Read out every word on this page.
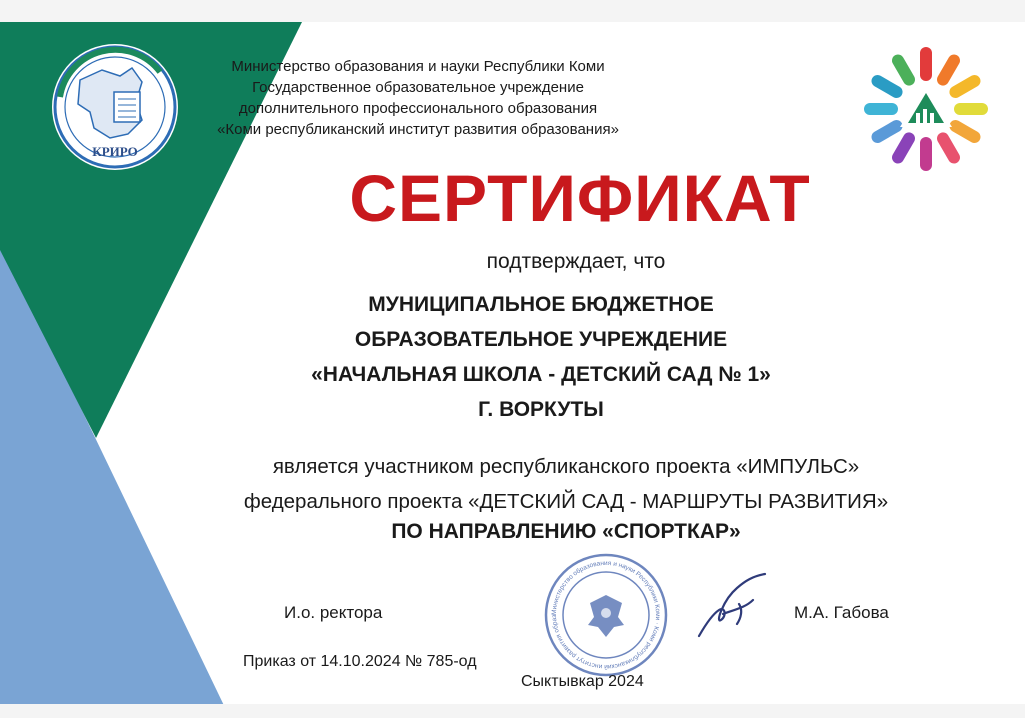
КРИРО
Министерство образования и науки Республики Коми
Государственное образовательное учреждение
дополнительного профессионального образования
«Коми республиканский институт развития образования»
СЕРТИФИКАТ
подтверждает, что
МУНИЦИПАЛЬНОЕ БЮДЖЕТНОЕ
ОБРАЗОВАТЕЛЬНОЕ УЧРЕЖДЕНИЕ
«НАЧАЛЬНАЯ ШКОЛА - ДЕТСКИЙ САД № 1»
Г. ВОРКУТЫ
является участником республиканского проекта «ИМПУЛЬС»
федерального проекта «ДЕТСКИЙ САД - МАРШРУТЫ РАЗВИТИЯ»
ПО НАПРАВЛЕНИЮ «СПОРТКАР»
И.о. ректора	М.А. Габова
Приказ от 14.10.2024 № 785-од
Министерство образования и науки Республики Коми · Коми республиканский институт развития образ
Сыктывкар 2024
